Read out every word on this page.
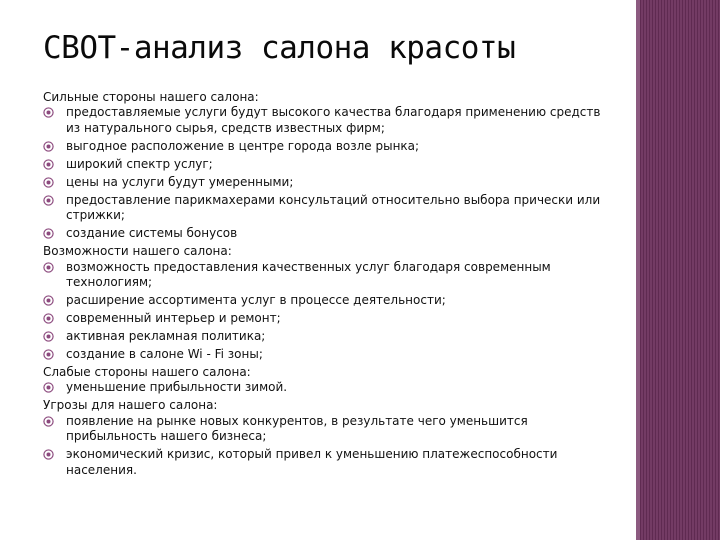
СВОТ-анализ салона красоты

Сильные стороны нашего салона:

предоставляемые услуги будут высокого качества благодаря применению средств из натурального сырья, средств известных фирм;
выгодное расположение в центре города возле рынка;
широкий спектр услуг;
цены на услуги будут умеренными;
предоставление парикмахерами консультаций относительно выбора прически или стрижки;
создание системы бонусов

Возможности нашего салона:

возможность предоставления качественных услуг благодаря современным технологиям;
расширение ассортимента услуг в процессе деятельности;
современный интерьер и ремонт;
активная рекламная политика;
создание в салоне Wi - Fi зоны;

Слабые стороны нашего салона:

уменьшение прибыльности зимой.

Угрозы для нашего салона:

появление на рынке новых конкурентов, в результате чего уменьшится прибыльность нашего бизнеса;
экономический кризис, который привел к уменьшению платежеспособности населения.
